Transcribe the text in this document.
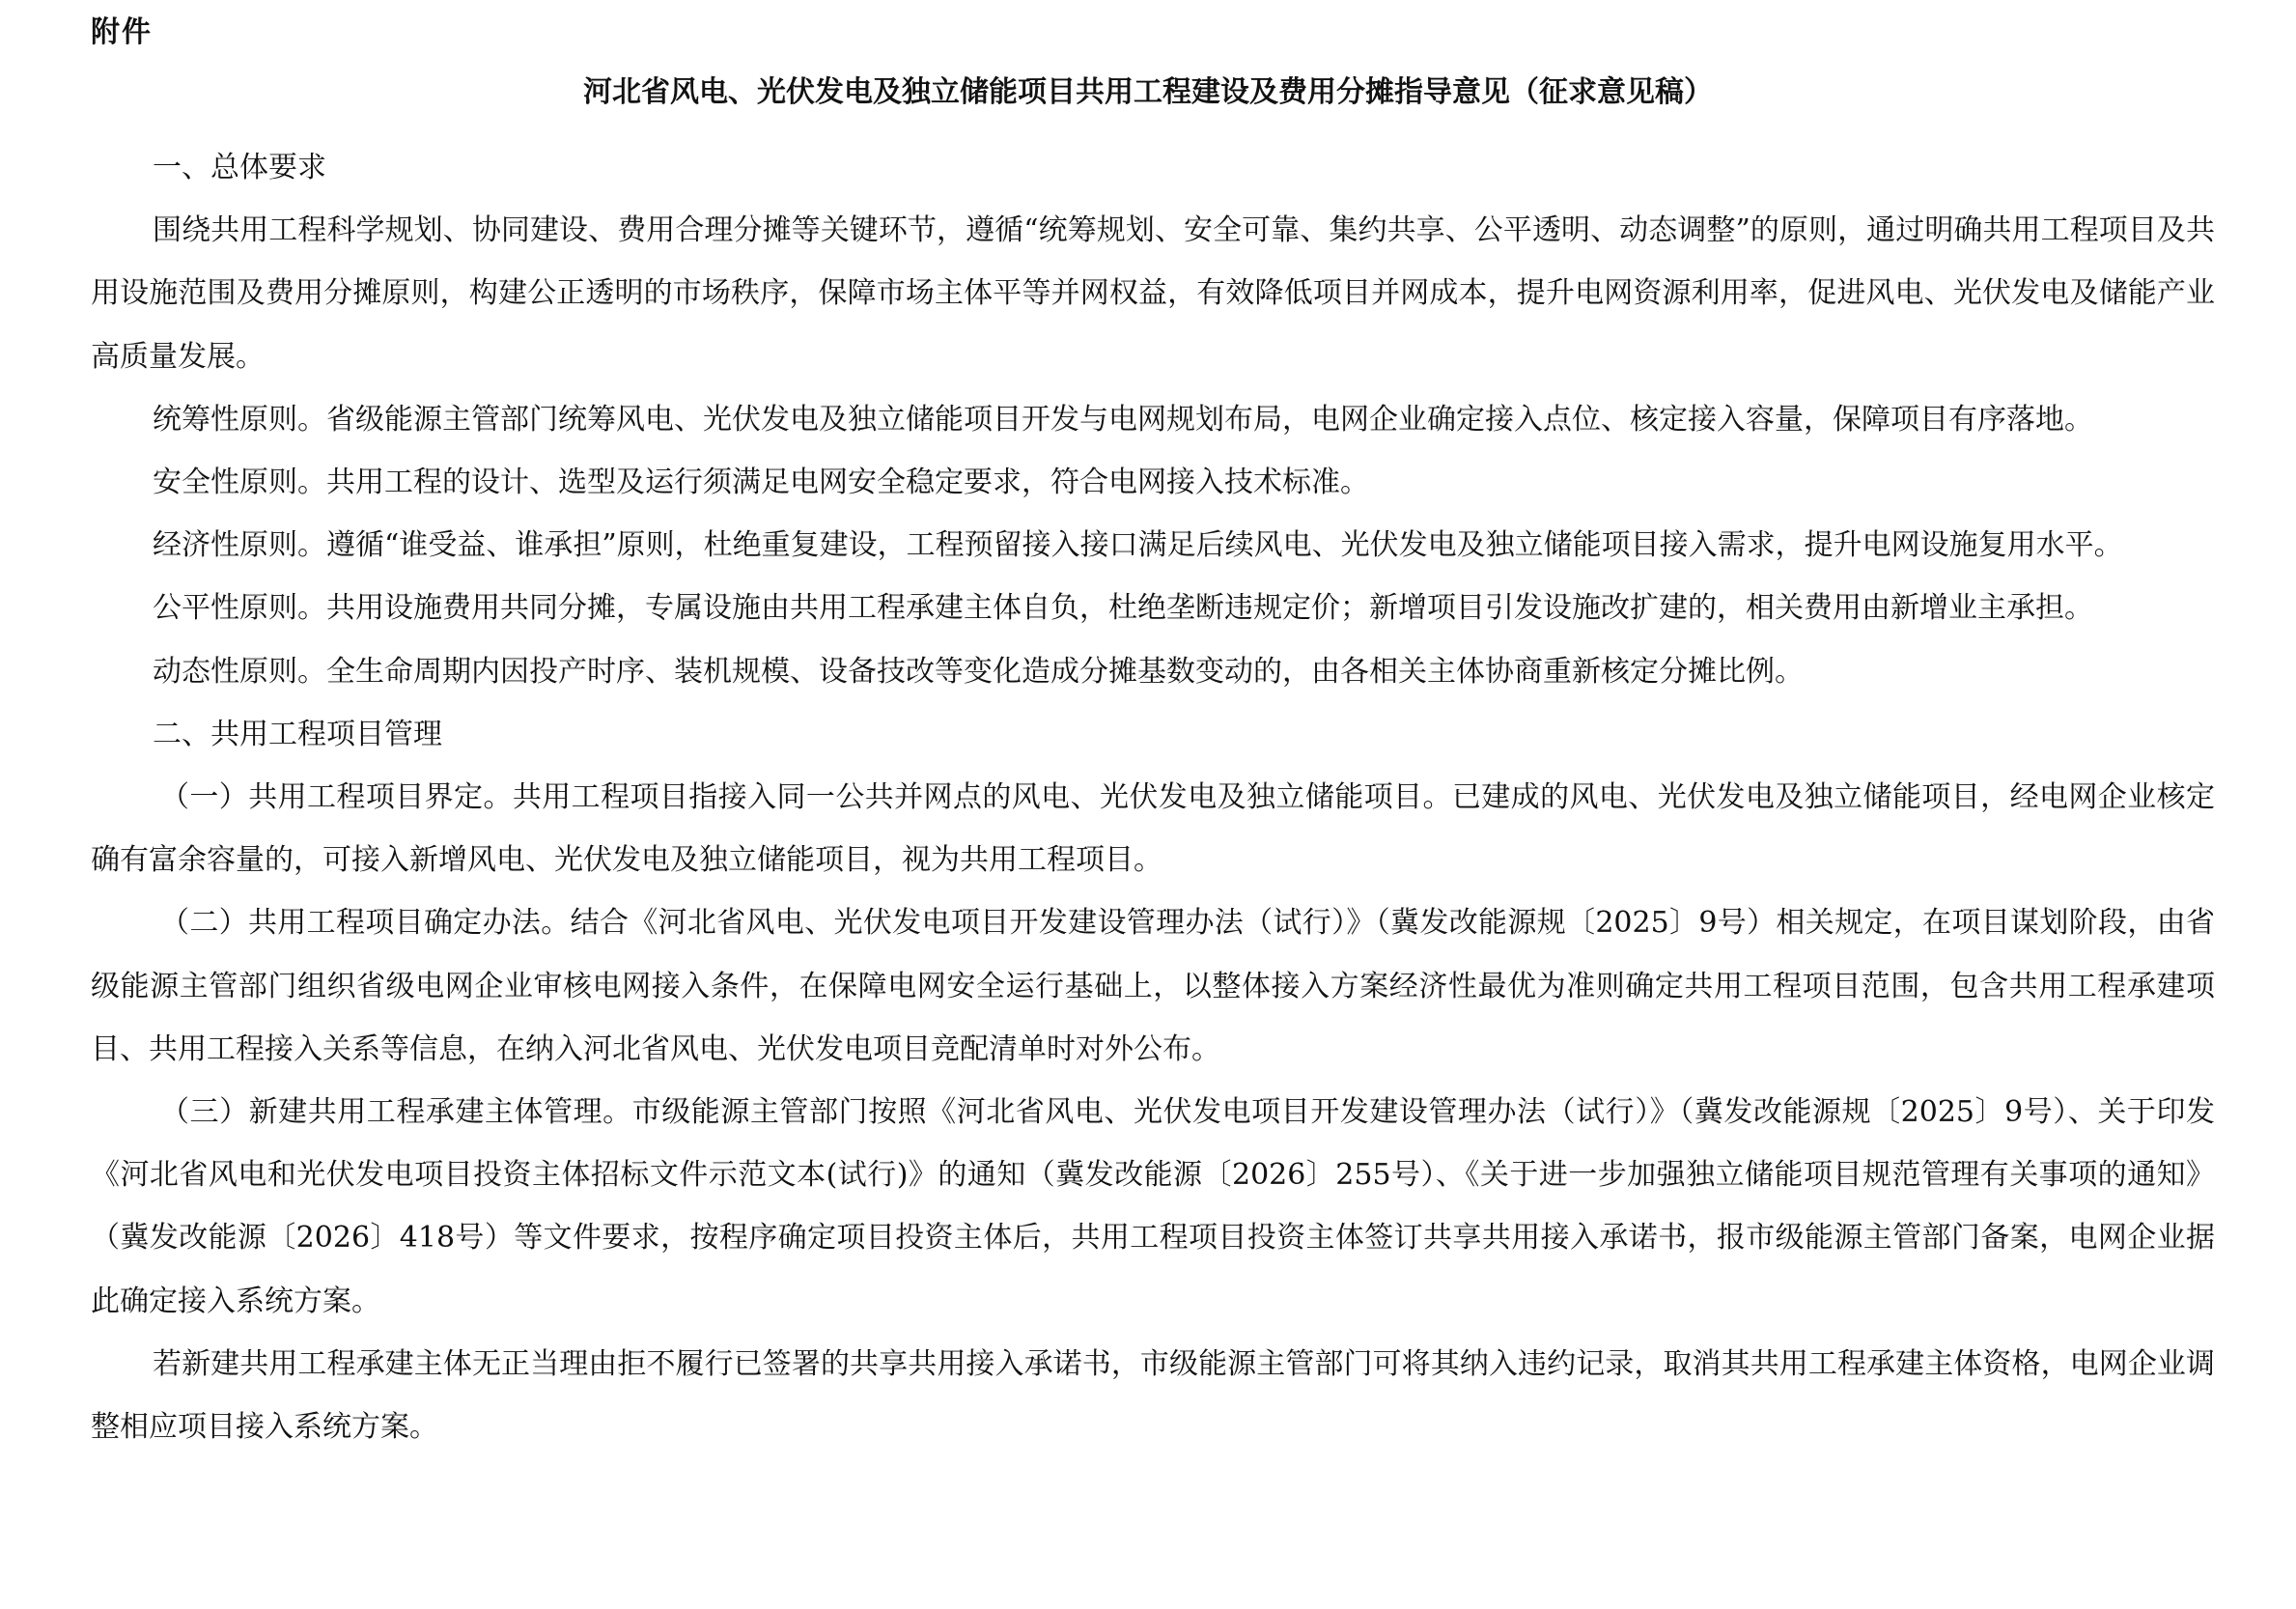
附件
河北省风电、光伏发电及独立储能项目共用工程建设及费用分摊指导意见（征求意见稿）

一、总体要求

围绕共用工程科学规划、协同建设、费用合理分摊等关键环节，遵循“统筹规划、安全可靠、集约共享、公平透明、动态调整”的原则，通过明确共用工程项目及共用设施范围及费用分摊原则，构建公正透明的市场秩序，保障市场主体平等并网权益，有效降低项目并网成本，提升电网资源利用率，促进风电、光伏发电及储能产业高质量发展。

统筹性原则。省级能源主管部门统筹风电、光伏发电及独立储能项目开发与电网规划布局，电网企业确定接入点位、核定接入容量，保障项目有序落地。

安全性原则。共用工程的设计、选型及运行须满足电网安全稳定要求，符合电网接入技术标准。

经济性原则。遵循“谁受益、谁承担”原则，杜绝重复建设，工程预留接入接口满足后续风电、光伏发电及独立储能项目接入需求，提升电网设施复用水平。

公平性原则。共用设施费用共同分摊，专属设施由共用工程承建主体自负，杜绝垄断违规定价；新增项目引发设施改扩建的，相关费用由新增业主承担。

动态性原则。全生命周期内因投产时序、装机规模、设备技改等变化造成分摊基数变动的，由各相关主体协商重新核定分摊比例。

二、共用工程项目管理

（一）共用工程项目界定。共用工程项目指接入同一公共并网点的风电、光伏发电及独立储能项目。已建成的风电、光伏发电及独立储能项目，经电网企业核定确有富余容量的，可接入新增风电、光伏发电及独立储能项目，视为共用工程项目。

（二）共用工程项目确定办法。结合《河北省风电、光伏发电项目开发建设管理办法（试行）》（冀发改能源规〔2025〕9号）相关规定，在项目谋划阶段，由省级能源主管部门组织省级电网企业审核电网接入条件，在保障电网安全运行基础上，以整体接入方案经济性最优为准则确定共用工程项目范围，包含共用工程承建项目、共用工程接入关系等信息，在纳入河北省风电、光伏发电项目竞配清单时对外公布。

（三）新建共用工程承建主体管理。市级能源主管部门按照《河北省风电、光伏发电项目开发建设管理办法（试行）》（冀发改能源规〔2025〕9号）、关于印发《河北省风电和光伏发电项目投资主体招标文件示范文本(试行)》的通知（冀发改能源〔2026〕255号）、《关于进一步加强独立储能项目规范管理有关事项的通知》（冀发改能源〔2026〕418号）等文件要求，按程序确定项目投资主体后，共用工程项目投资主体签订共享共用接入承诺书，报市级能源主管部门备案，电网企业据此确定接入系统方案。

若新建共用工程承建主体无正当理由拒不履行已签署的共享共用接入承诺书，市级能源主管部门可将其纳入违约记录，取消其共用工程承建主体资格，电网企业调整相应项目接入系统方案。
